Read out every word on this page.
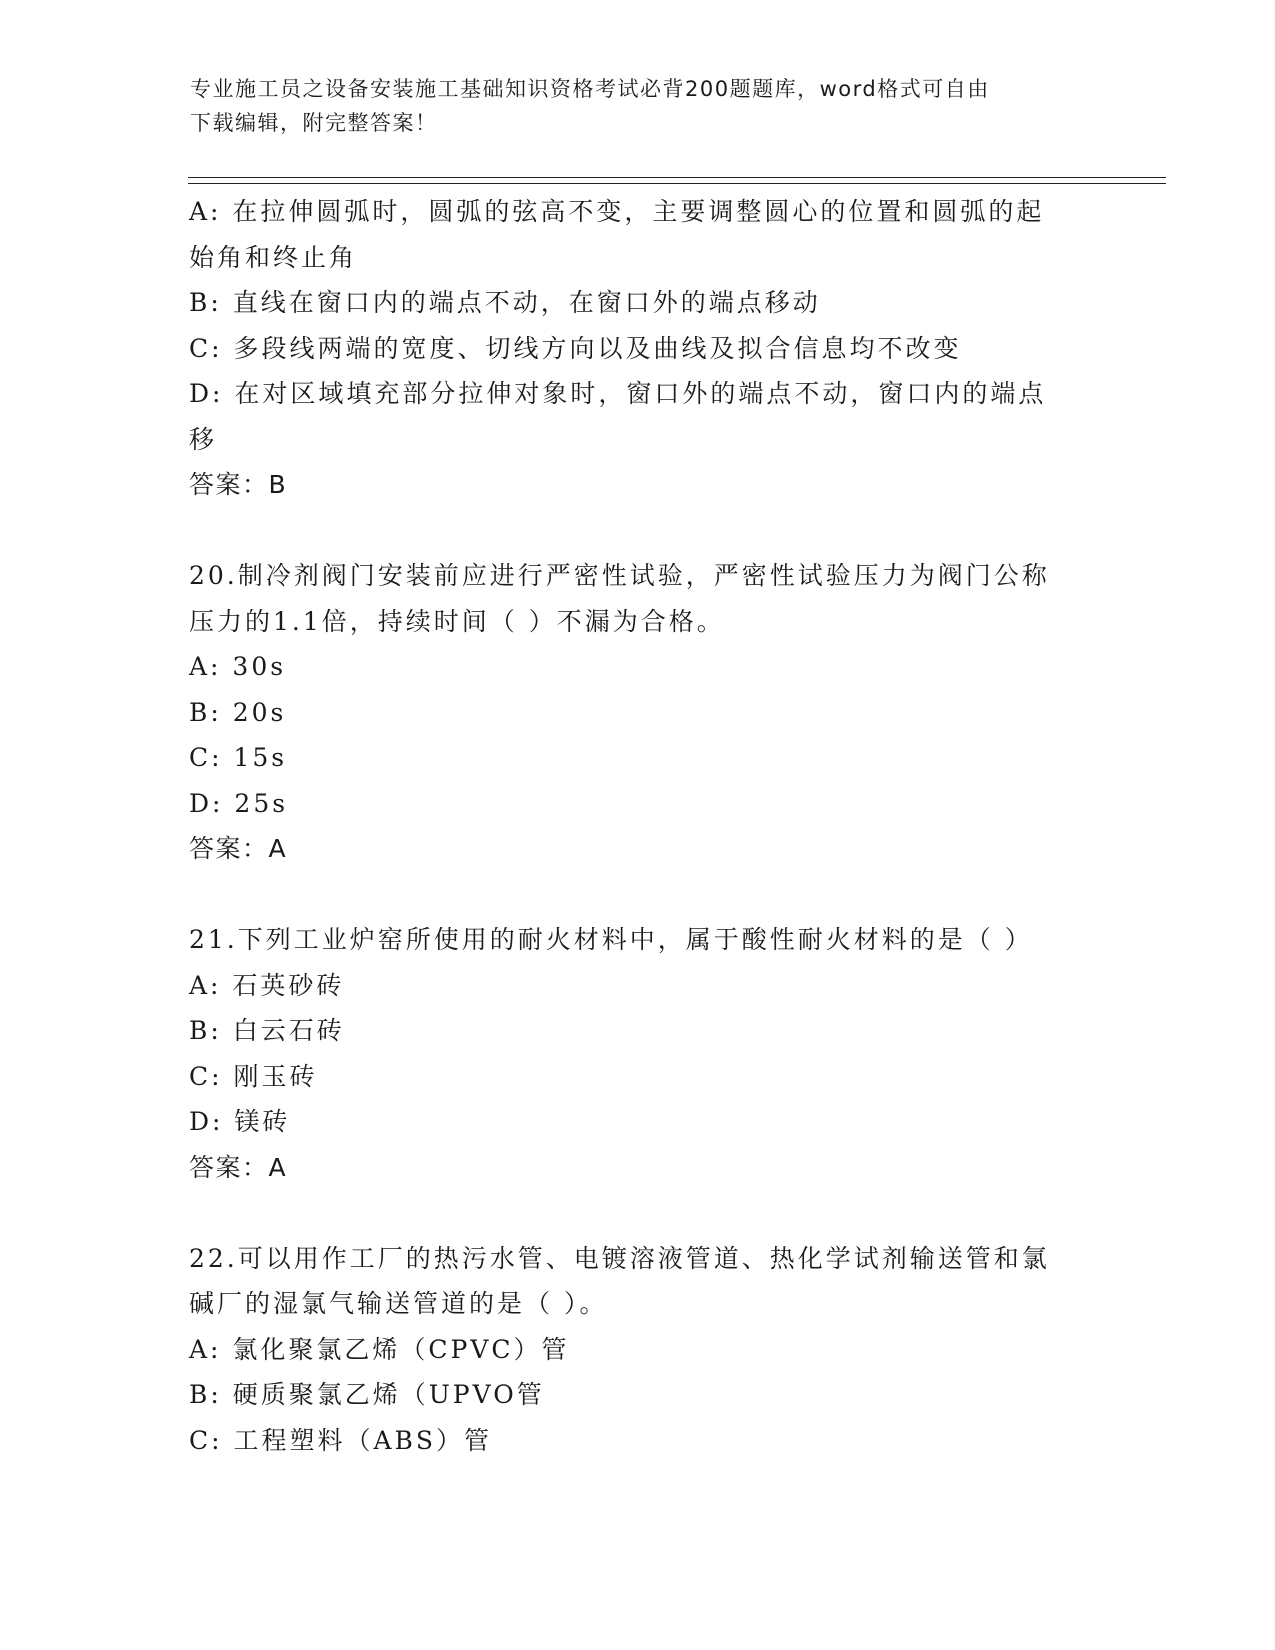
专业施工员之设备安装施工基础知识资格考试必背200题题库，word格式可自由
下载编辑，附完整答案！
A: 在拉伸圆弧时，圆弧的弦高不变，主要调整圆心的位置和圆弧的起
始角和终止角
B: 直线在窗口内的端点不动，在窗口外的端点移动
C: 多段线两端的宽度、切线方向以及曲线及拟合信息均不改变
D: 在对区域填充部分拉伸对象时，窗口外的端点不动，窗口内的端点
移
答案：B
20.制冷剂阀门安装前应进行严密性试验，严密性试验压力为阀门公称
压力的1.1倍，持续时间（ ）不漏为合格。
A: 30s
B: 20s
C: 15s
D: 25s
答案：A
21.下列工业炉窑所使用的耐火材料中，属于酸性耐火材料的是（ ）
A: 石英砂砖
B: 白云石砖
C: 刚玉砖
D: 镁砖
答案：A
22.可以用作工厂的热污水管、电镀溶液管道、热化学试剂输送管和氯
碱厂的湿氯气输送管道的是（ ）。
A: 氯化聚氯乙烯（CPVC）管
B: 硬质聚氯乙烯（UPVO管
C: 工程塑料（ABS）管
